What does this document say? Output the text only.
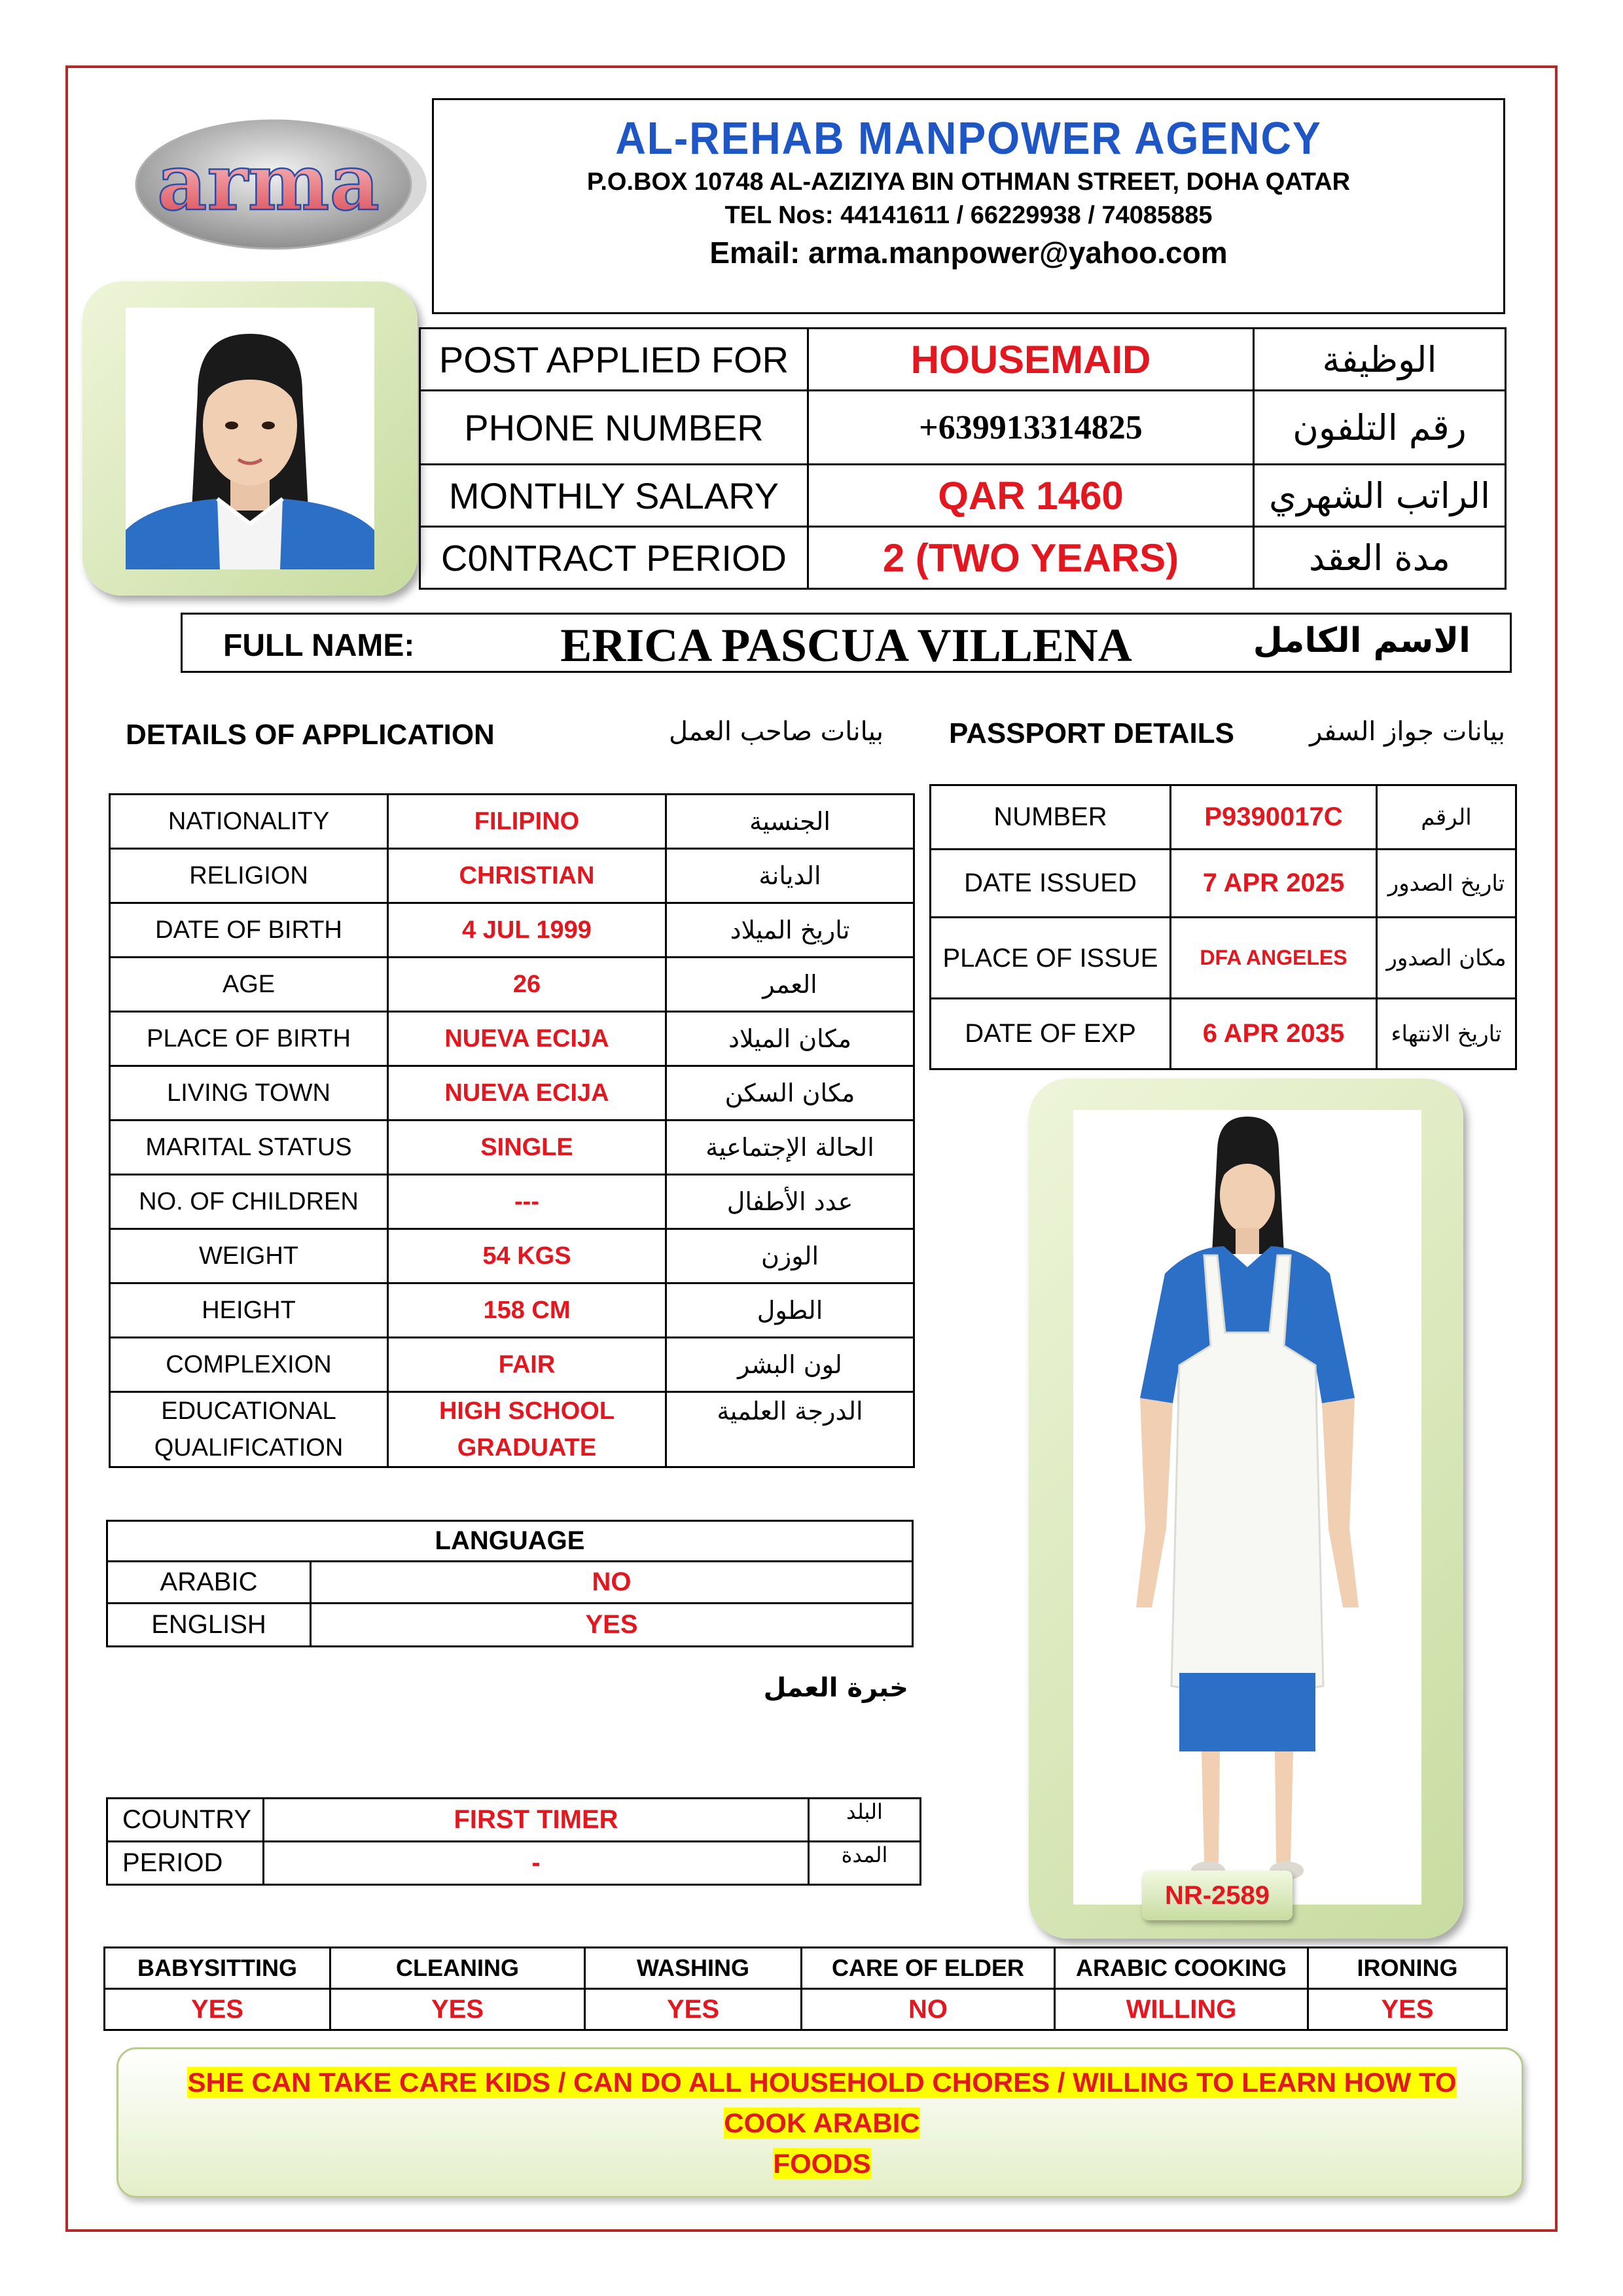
arma	AL-REHAB MANPOWER AGENCY
P.O.BOX 10748 AL-AZIZIYA BIN OTHMAN STREET, DOHA QATAR
TEL Nos: 44141611 / 66229938 / 74085885
Email: arma.manpower@yahoo.com
POST APPLIED FOR	HOUSEMAID	الوظيفة
PHONE NUMBER	+639913314825	رقم التلفون
MONTHLY SALARY	QAR 1460	الراتب الشهري
C0NTRACT PERIOD	2 (TWO YEARS)	مدة العقد
FULL NAME:	ERICA PASCUA VILLENA	الاسم الكامل
DETAILS OF APPLICATION	بيانات صاحب العمل PASSPORT DETAILS	بيانات جواز السفر
NATIONALITY	FILIPINO	الجنسية
RELIGION	CHRISTIAN	الديانة
DATE OF BIRTH	4 JUL 1999	تاريخ الميلاد
AGE	26	العمر
PLACE OF BIRTH	NUEVA ECIJA	مكان الميلاد
LIVING TOWN	NUEVA ECIJA	مكان السكن
MARITAL STATUS	SINGLE	الحالة الإجتماعية
NO. OF CHILDREN	---	عدد الأطفال
WEIGHT	54 KGS	الوزن
HEIGHT	158 CM	الطول
COMPLEXION	FAIR	لون البشر
EDUCATIONAL QUALIFICATION	HIGH SCHOOL GRADUATE	الدرجة العلمية
NUMBER	P9390017C	الرقم
DATE ISSUED	7 APR 2025	تاريخ الصدور
PLACE OF ISSUE	DFA ANGELES	مكان الصدور
DATE OF EXP	6 APR 2035	تاريخ الانتهاء
NR-2589
LANGUAGE	
ARABIC	NO
ENGLISH	YES
خبرة العمل
COUNTRY	FIRST TIMER	البلد
PERIOD	-	المدة
BABYSITTING	CLEANING	WASHING	CARE OF ELDER	ARABIC COOKING	IRONING
YES	YES	YES	NO	WILLING	YES
SHE CAN TAKE CARE KIDS / CAN DO ALL HOUSEHOLD CHORES / WILLING TO LEARN HOW TO COOK ARABIC
FOODS
